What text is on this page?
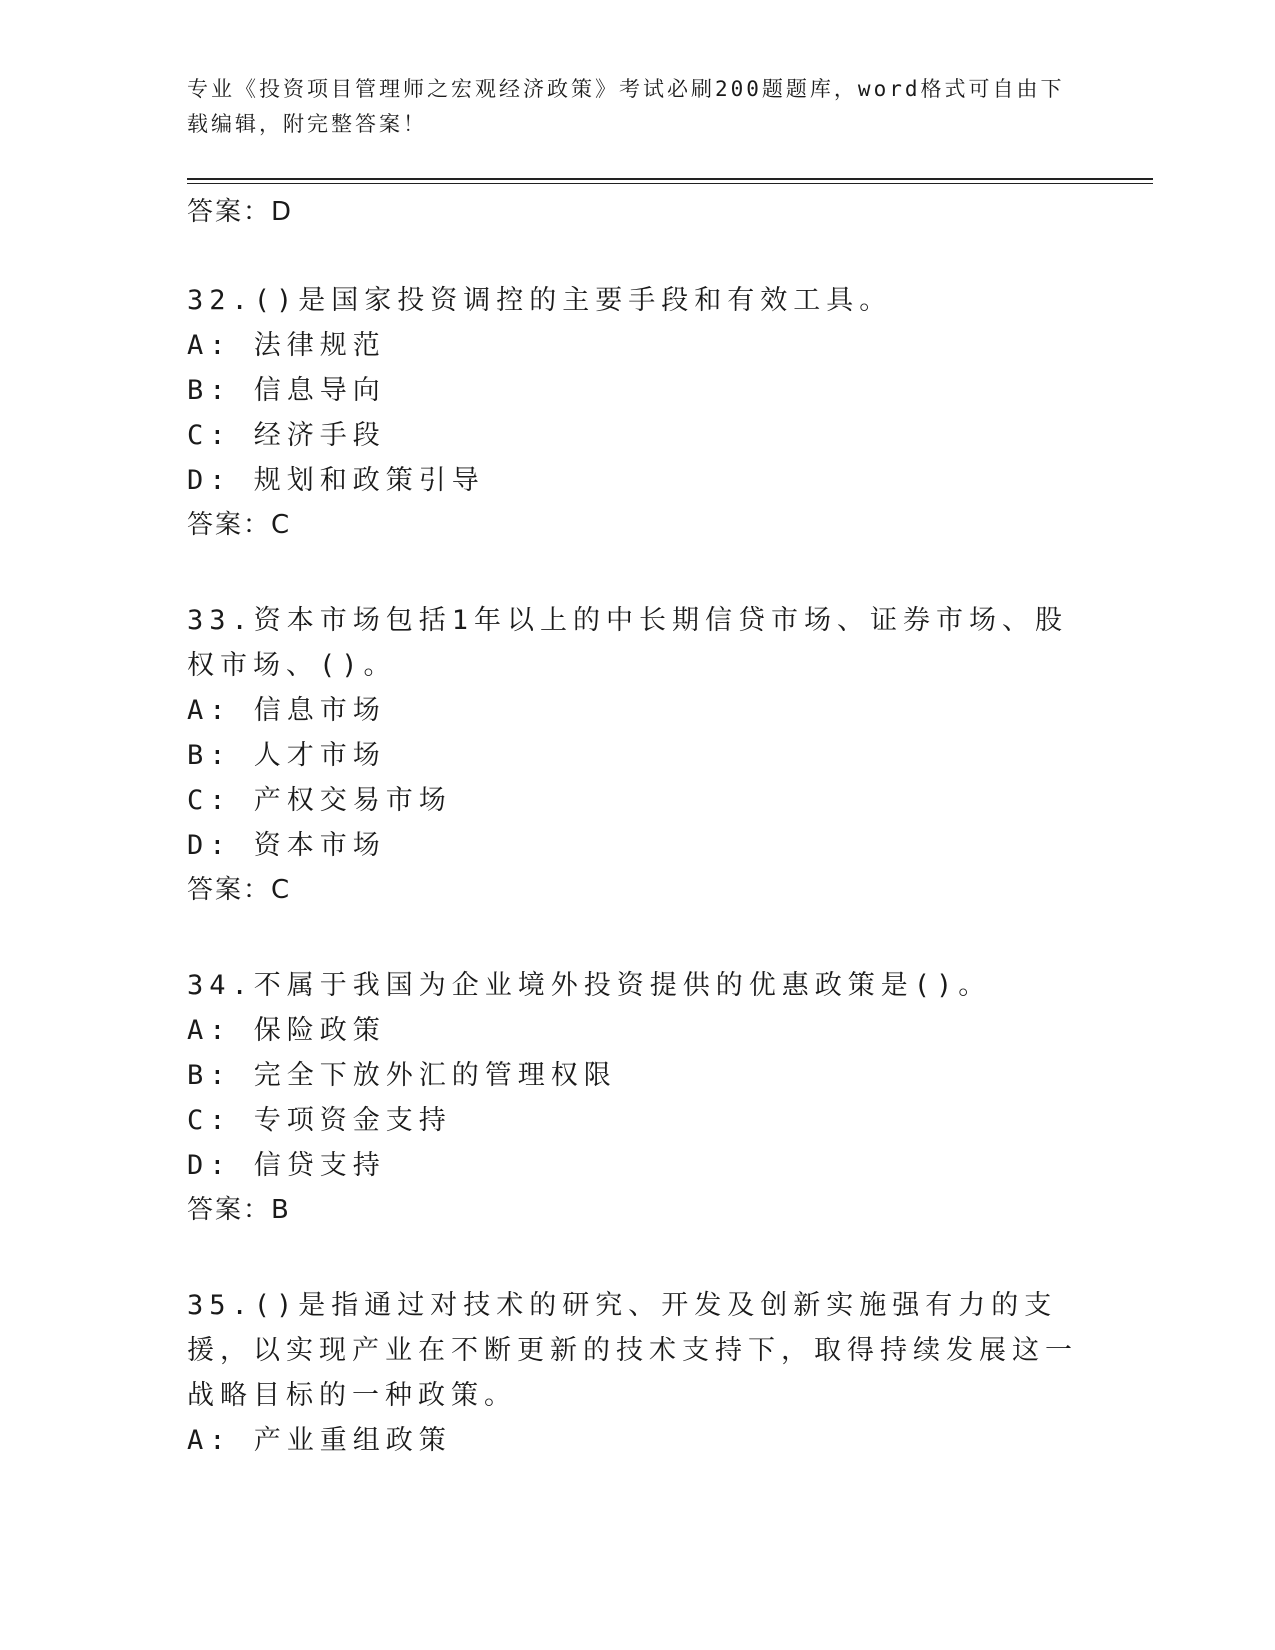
专业《投资项目管理师之宏观经济政策》考试必刷200题题库，word格式可自由下载编辑，附完整答案！
答案：D
32.()是国家投资调控的主要手段和有效工具。
A: 法律规范
B: 信息导向
C: 经济手段
D: 规划和政策引导
答案：C
33.资本市场包括1年以上的中长期信贷市场、证券市场、股权市场、()。
A: 信息市场
B: 人才市场
C: 产权交易市场
D: 资本市场
答案：C
34.不属于我国为企业境外投资提供的优惠政策是()。
A: 保险政策
B: 完全下放外汇的管理权限
C: 专项资金支持
D: 信贷支持
答案：B
35.()是指通过对技术的研究、开发及创新实施强有力的支援，以实现产业在不断更新的技术支持下，取得持续发展这一战略目标的一种政策。
A: 产业重组政策
